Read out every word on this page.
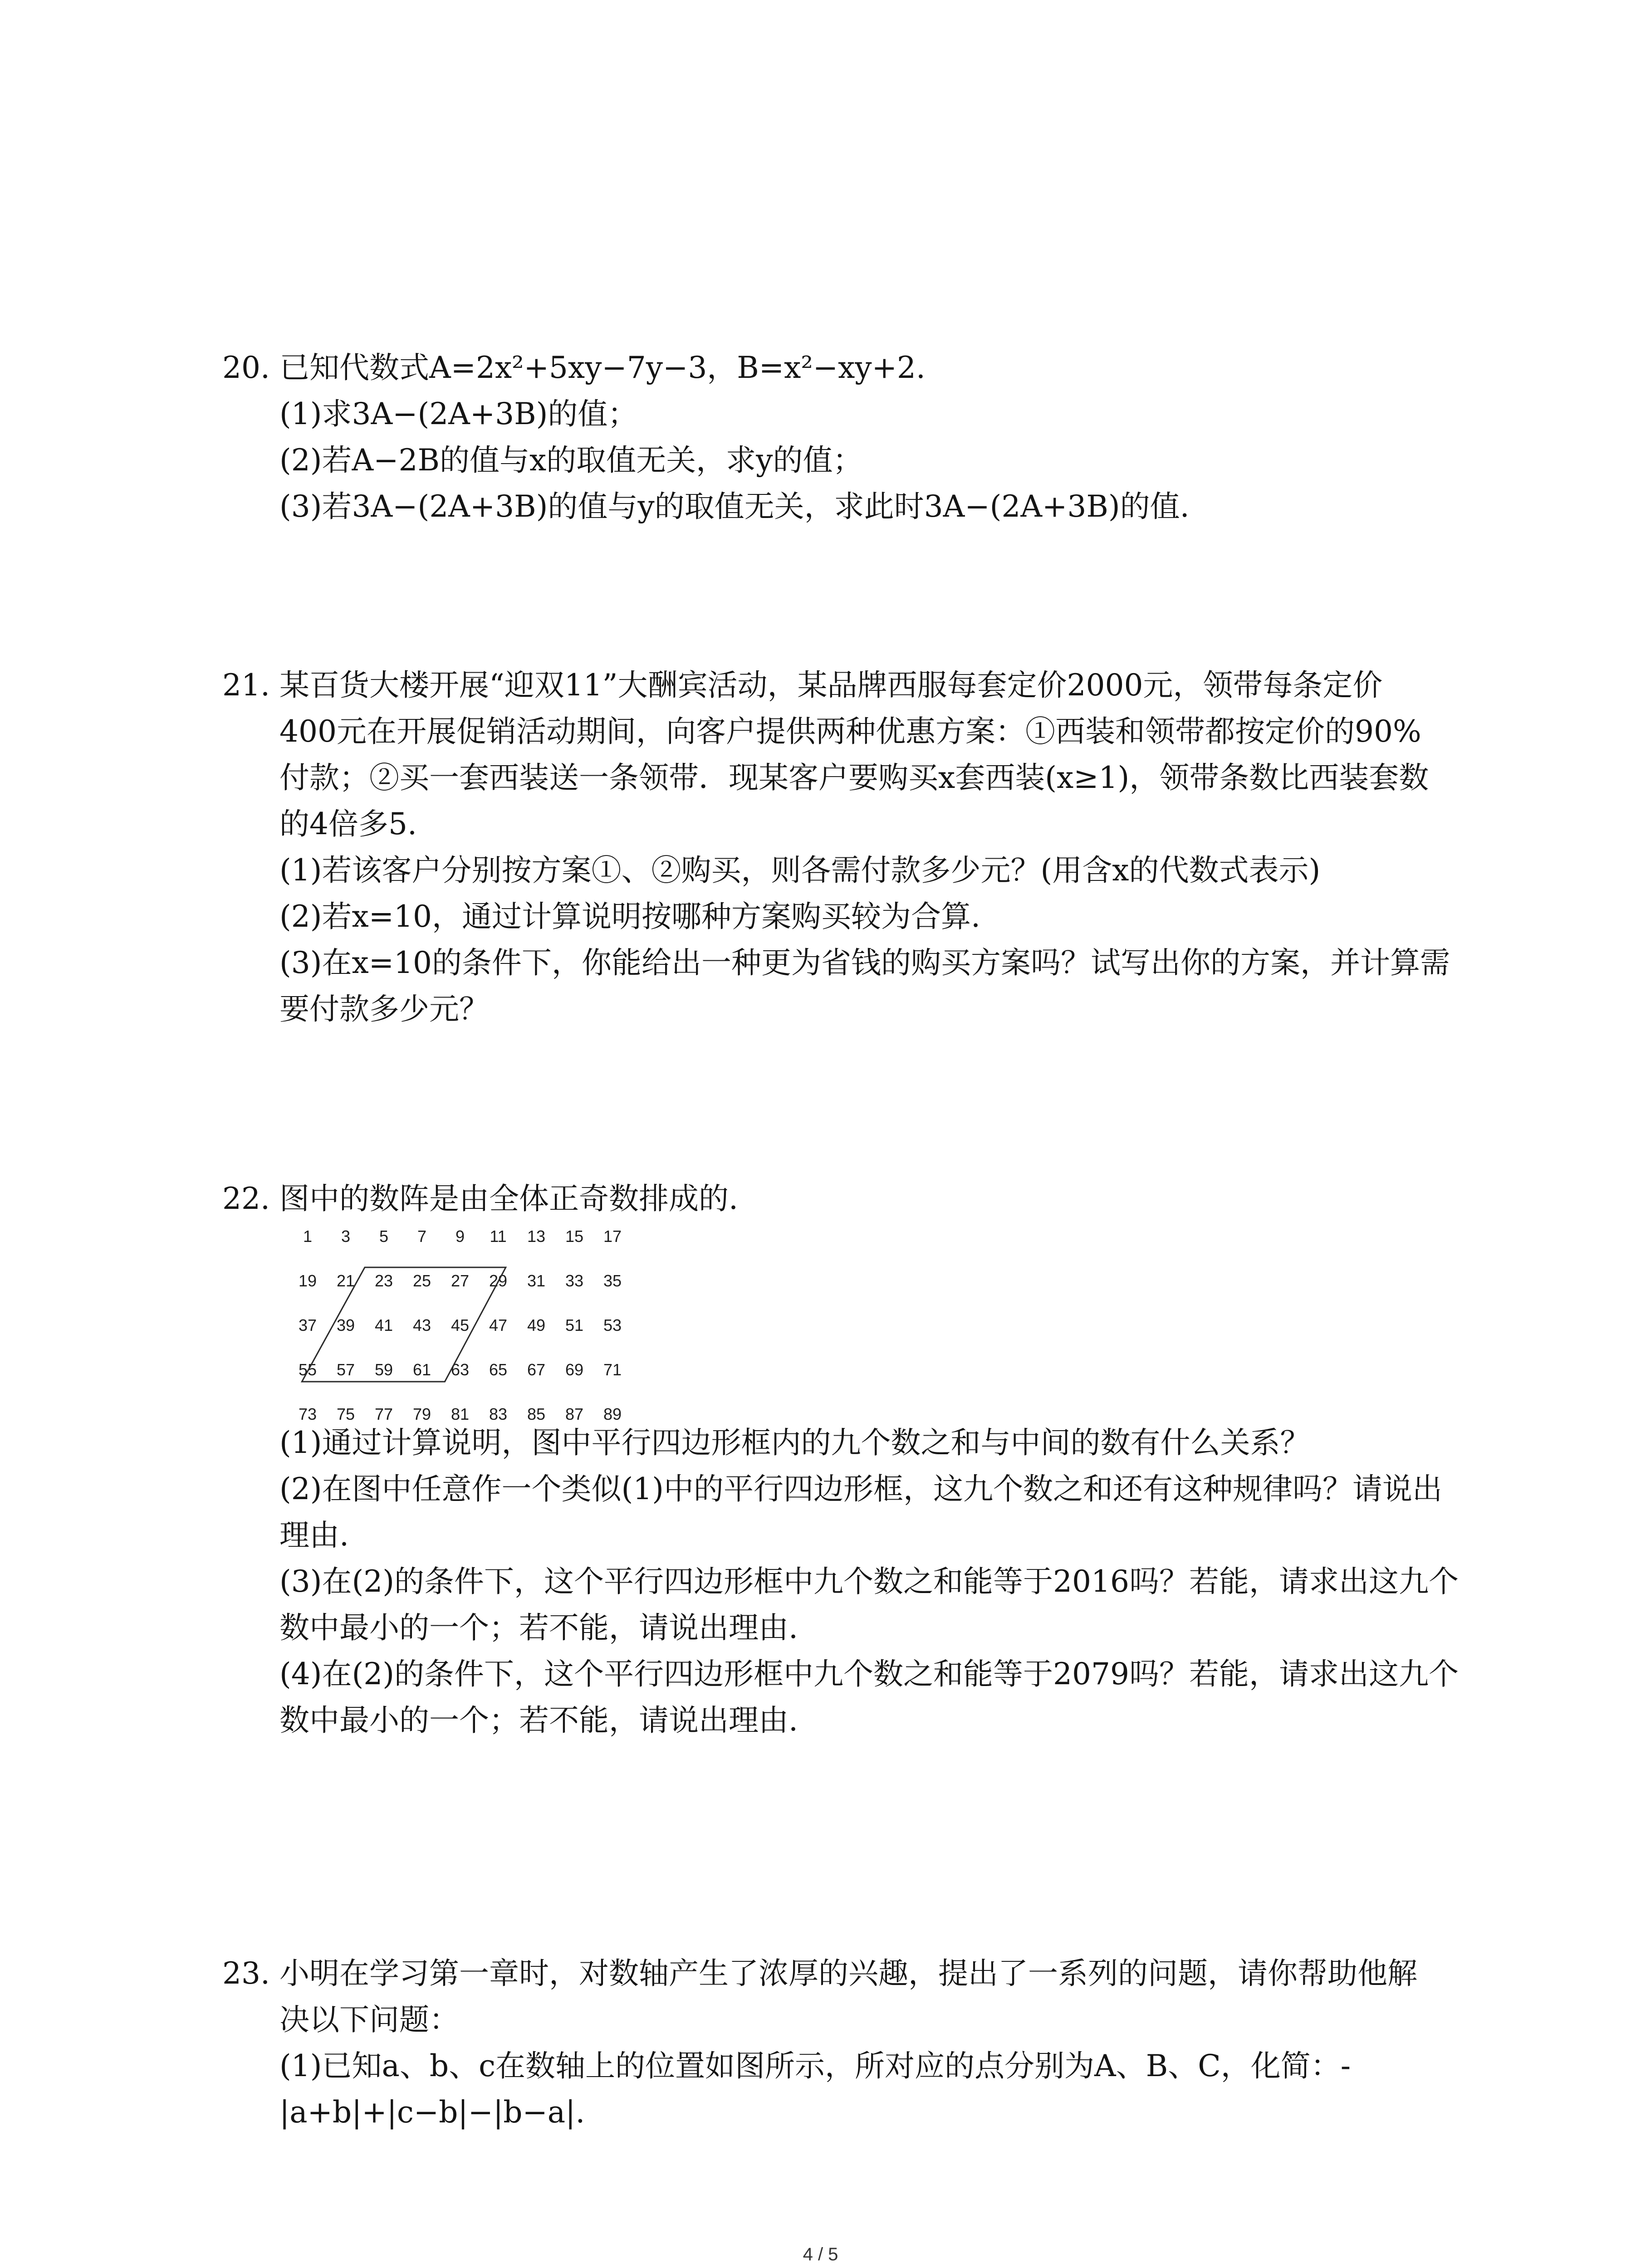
20. 已知代数式A=2x²+5xy−7y−3，B=x²−xy+2.
(1)求3A−(2A+3B)的值；
(2)若A−2B的值与x的取值无关，求y的值；
(3)若3A−(2A+3B)的值与y的取值无关，求此时3A−(2A+3B)的值.
21. 某百货大楼开展“迎双11”大酬宾活动，某品牌西服每套定价2000元，领带每条定价
400元在开展促销活动期间，向客户提供两种优惠方案：①西装和领带都按定价的90%
付款；②买一套西装送一条领带．现某客户要购买x套西装(x≥1)，领带条数比西装套数
的4倍多5.
(1)若该客户分别按方案①、②购买，则各需付款多少元？(用含x的代数式表示)
(2)若x=10，通过计算说明按哪种方案购买较为合算.
(3)在x=10的条件下，你能给出一种更为省钱的购买方案吗？试写出你的方案，并计算需
要付款多少元？
22. 图中的数阵是由全体正奇数排成的.
1 3 5 7 9 11 13 15 17
19 21 23 25 27 29 31 33 35
37 39 41 43 45 47 49 51 53
55 57 59 61 63 65 67 69 71
73 75 77 79 81 83 85 87 89
(1)通过计算说明，图中平行四边形框内的九个数之和与中间的数有什么关系？
(2)在图中任意作一个类似(1)中的平行四边形框，这九个数之和还有这种规律吗？请说出
理由.
(3)在(2)的条件下，这个平行四边形框中九个数之和能等于2016吗？若能，请求出这九个
数中最小的一个；若不能，请说出理由.
(4)在(2)的条件下，这个平行四边形框中九个数之和能等于2079吗？若能，请求出这九个
数中最小的一个；若不能，请说出理由.
23. 小明在学习第一章时，对数轴产生了浓厚的兴趣，提出了一系列的问题，请你帮助他解
决以下问题：
(1)已知a、b、c在数轴上的位置如图所示，所对应的点分别为A、B、C，化简：-
|a+b|+|c−b|−|b−a|.
4 / 5
